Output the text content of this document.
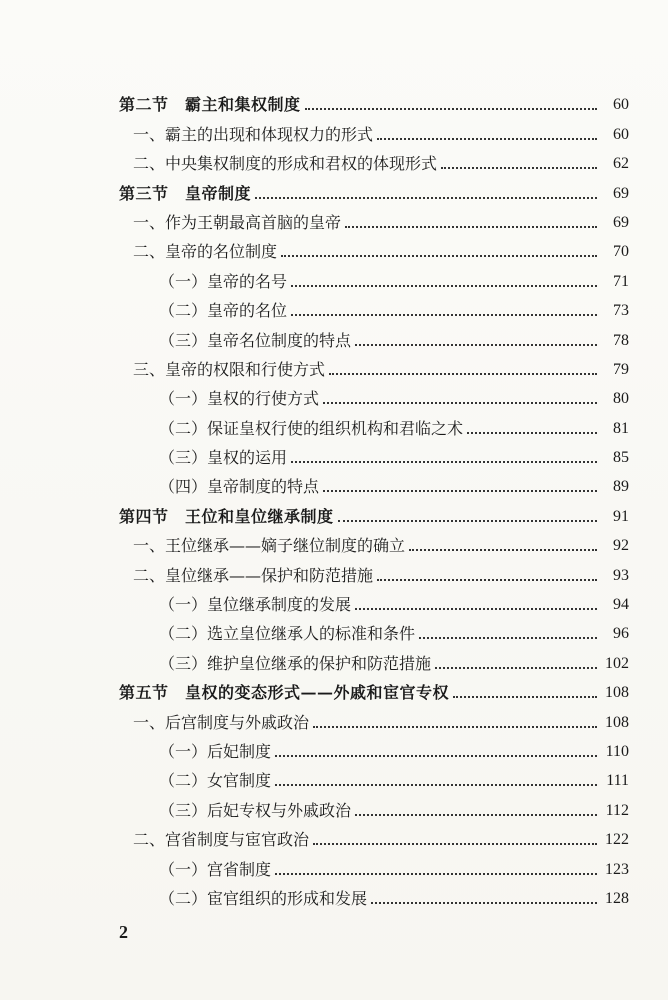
第二节　霸主和集权制度	60
一、霸主的出现和体现权力的形式	60
二、中央集权制度的形成和君权的体现形式	62
第三节　皇帝制度	69
一、作为王朝最高首脑的皇帝	69
二、皇帝的名位制度	70
（一）皇帝的名号	71
（二）皇帝的名位	73
（三）皇帝名位制度的特点	78
三、皇帝的权限和行使方式	79
（一）皇权的行使方式	80
（二）保证皇权行使的组织机构和君临之术	81
（三）皇权的运用	85
（四）皇帝制度的特点	89
第四节　王位和皇位继承制度	91
一、王位继承——嫡子继位制度的确立	92
二、皇位继承——保护和防范措施	93
（一）皇位继承制度的发展	94
（二）选立皇位继承人的标准和条件	96
（三）维护皇位继承的保护和防范措施	102
第五节　皇权的变态形式——外戚和宦官专权	108
一、后宫制度与外戚政治	108
（一）后妃制度	110
（二）女官制度	111
（三）后妃专权与外戚政治	112
二、宫省制度与宦官政治	122
（一）宫省制度	123
（二）宦官组织的形成和发展	128
2
